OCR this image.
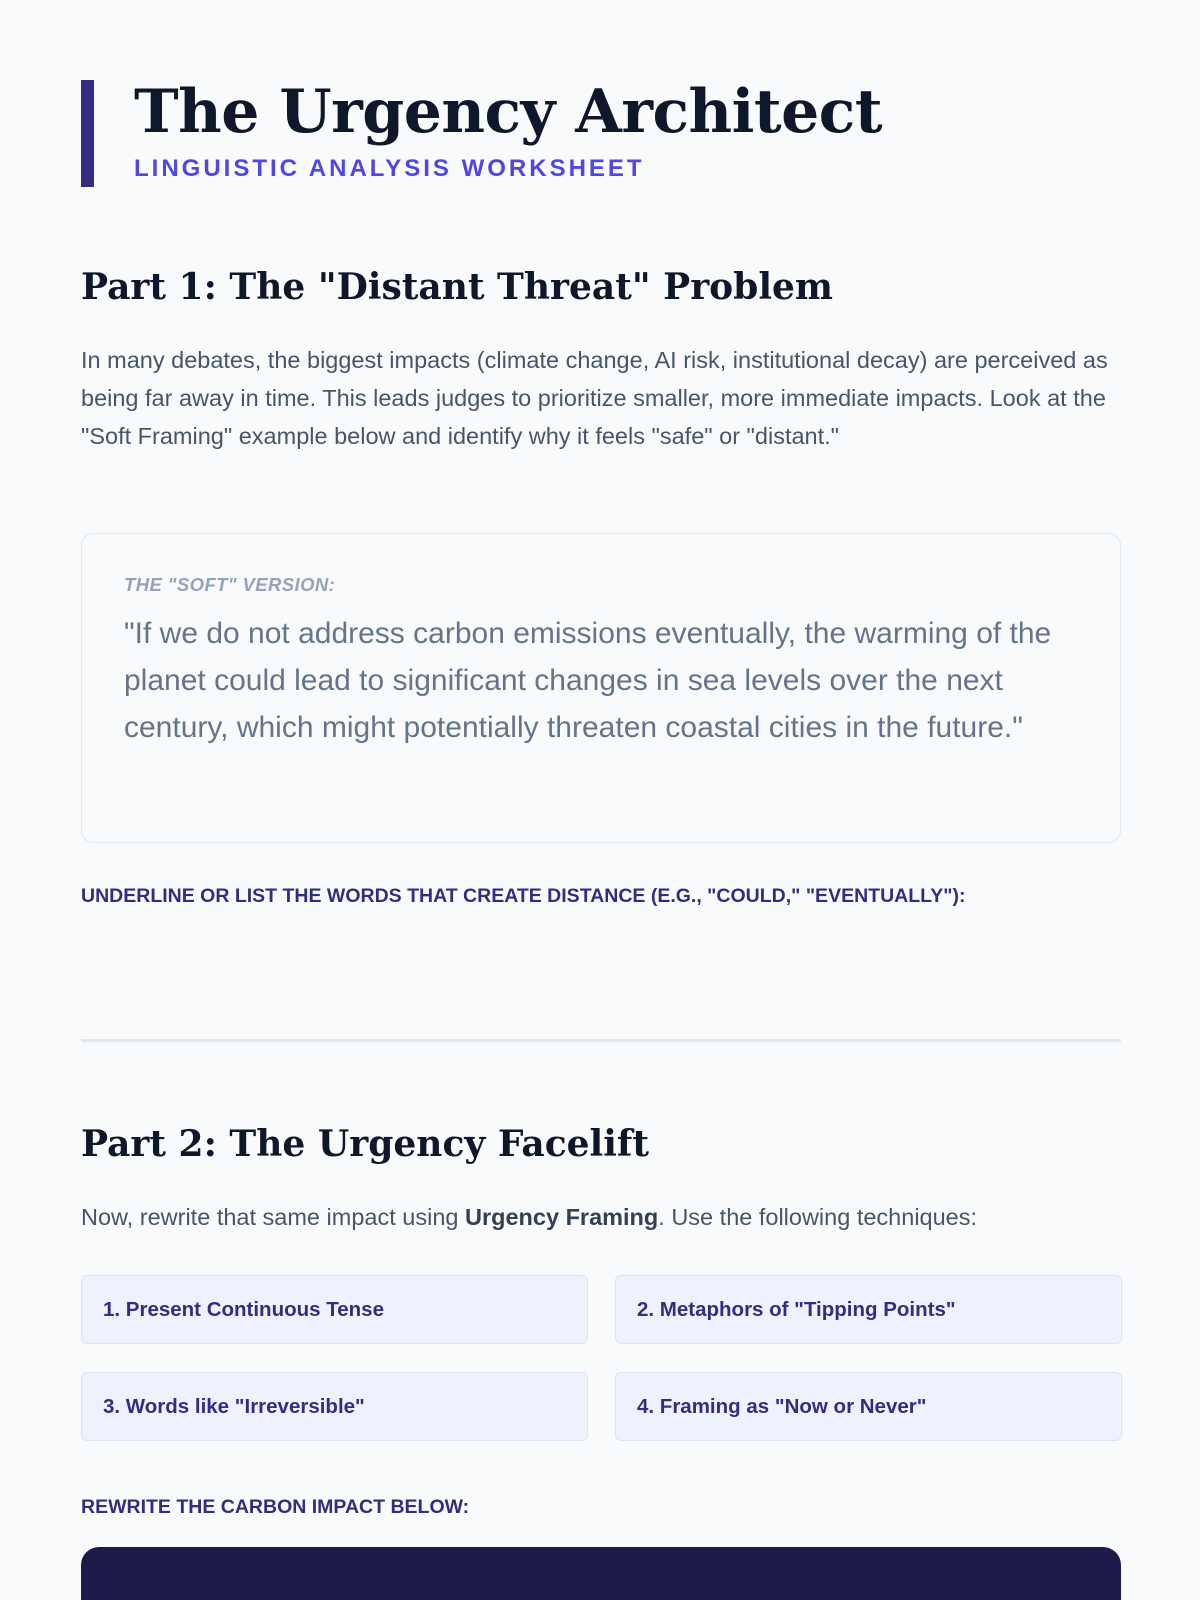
The Urgency Architect
LINGUISTIC ANALYSIS WORKSHEET
Part 1: The "Distant Threat" Problem

In many debates, the biggest impacts (climate change, AI risk, institutional decay) are perceived as being far away in time. This leads judges to prioritize smaller, more immediate impacts. Look at the "Soft Framing" example below and identify why it feels "safe" or "distant."

THE "SOFT" VERSION:

"If we do not address carbon emissions eventually, the warming of the planet could lead to significant changes in sea levels over the next century, which might potentially threaten coastal cities in the future."

UNDERLINE OR LIST THE WORDS THAT CREATE DISTANCE (E.G., "COULD," "EVENTUALLY"):

Part 2: The Urgency Facelift

Now, rewrite that same impact using Urgency Framing. Use the following techniques:

1. Present Continuous Tense	2. Metaphors of "Tipping Points"
3. Words like "Irreversible"	4. Framing as "Now or Never"

REWRITE THE CARBON IMPACT BELOW:
